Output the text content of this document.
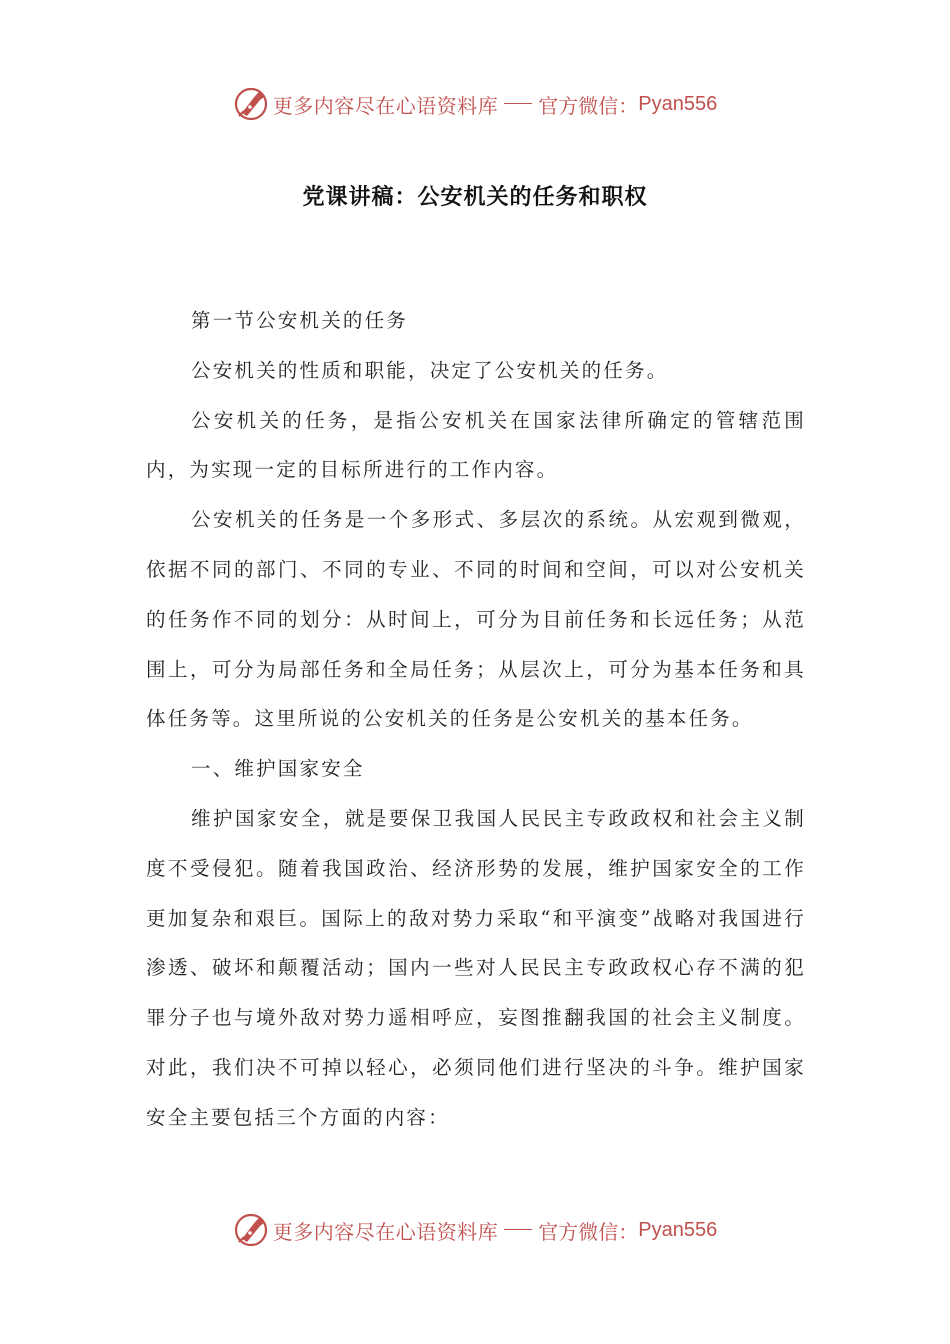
更多内容尽在心语资料库 官方微信： Pyan556
党课讲稿：公安机关的任务和职权

第一节公安机关的任务

公安机关的性质和职能，决定了公安机关的任务。

公安机关的任务，是指公安机关在国家法律所确定的管辖范围内，为实现一定的目标所进行的工作内容。

公安机关的任务是一个多形式、多层次的系统。从宏观到微观，依据不同的部门、不同的专业、不同的时间和空间，可以对公安机关的任务作不同的划分：从时间上，可分为目前任务和长远任务；从范围上，可分为局部任务和全局任务；从层次上，可分为基本任务和具体任务等。这里所说的公安机关的任务是公安机关的基本任务。

一、维护国家安全

维护国家安全，就是要保卫我国人民民主专政政权和社会主义制度不受侵犯。随着我国政治、经济形势的发展，维护国家安全的工作更加复杂和艰巨。国际上的敌对势力采取“和平演变”战略对我国进行渗透、破坏和颠覆活动；国内一些对人民民主专政政权心存不满的犯罪分子也与境外敌对势力遥相呼应，妄图推翻我国的社会主义制度。对此，我们决不可掉以轻心，必须同他们进行坚决的斗争。维护国家安全主要包括三个方面的内容：

更多内容尽在心语资料库 官方微信： Pyan556
